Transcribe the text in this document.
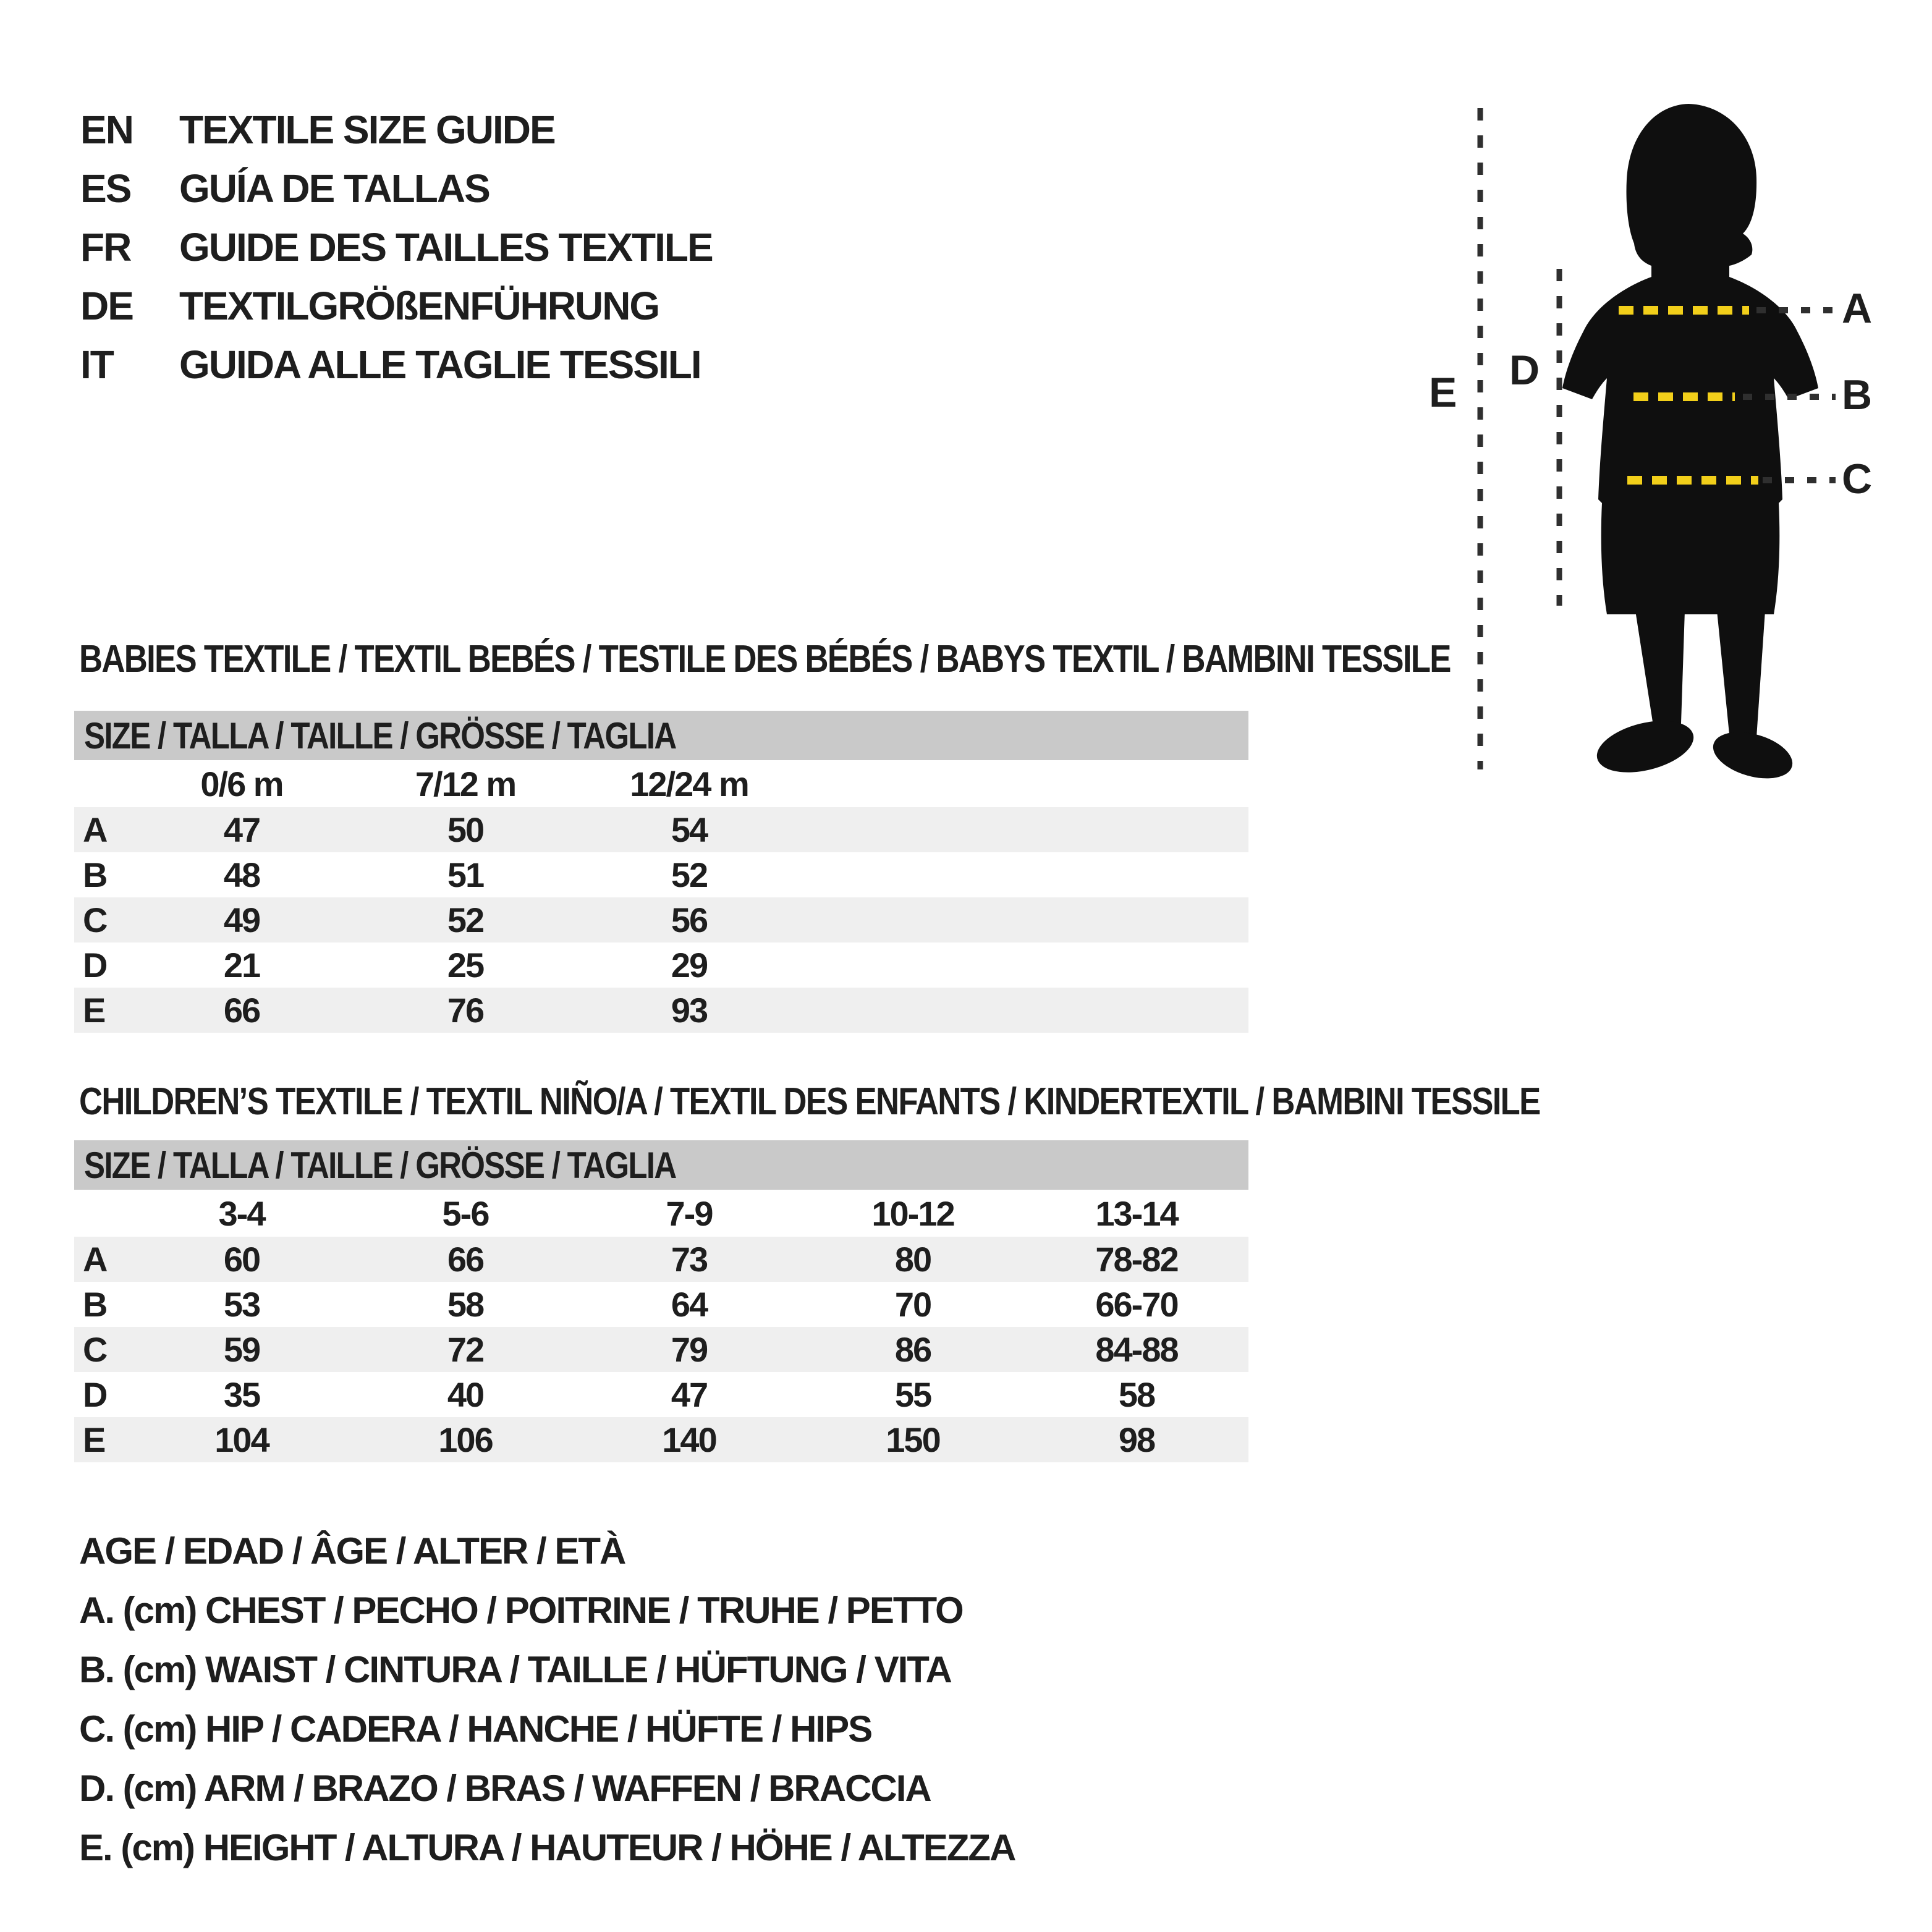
EN	TEXTILE SIZE GUIDE
ES	GUÍA DE TALLAS
FR	GUIDE DES TAILLES TEXTILE
DE	TEXTILGRÖßENFÜHRUNG
IT	GUIDA ALLE TAGLIE TESSILI
A
B
C
D
E
BABIES TEXTILE / TEXTIL BEBÉS / TESTILE DES BÉBÉS / BABYS TEXTIL / BAMBINI TESSILE
SIZE / TALLA / TAILLE / GRÖSSE / TAGLIA
	0/6 m	7/12 m	12/24 m		
A	47	50	54		
B	48	51	52		
C	49	52	56		
D	21	25	29		
E	66	76	93		
CHILDREN’S TEXTILE / TEXTIL NIÑO/A / TEXTIL DES ENFANTS / KINDERTEXTIL / BAMBINI TESSILE
SIZE / TALLA / TAILLE / GRÖSSE / TAGLIA
	3-4	5-6	7-9	10-12	13-14
A	60	66	73	80	78-82
B	53	58	64	70	66-70
C	59	72	79	86	84-88
D	35	40	47	55	58
E	104	106	140	150	98
AGE / EDAD / ÂGE / ALTER / ETÀ
A. (cm) CHEST / PECHO / POITRINE / TRUHE / PETTO
B. (cm) WAIST / CINTURA / TAILLE / HÜFTUNG / VITA
C. (cm) HIP / CADERA / HANCHE / HÜFTE / HIPS
D. (cm) ARM / BRAZO / BRAS / WAFFEN / BRACCIA
E. (cm) HEIGHT / ALTURA / HAUTEUR / HÖHE / ALTEZZA
